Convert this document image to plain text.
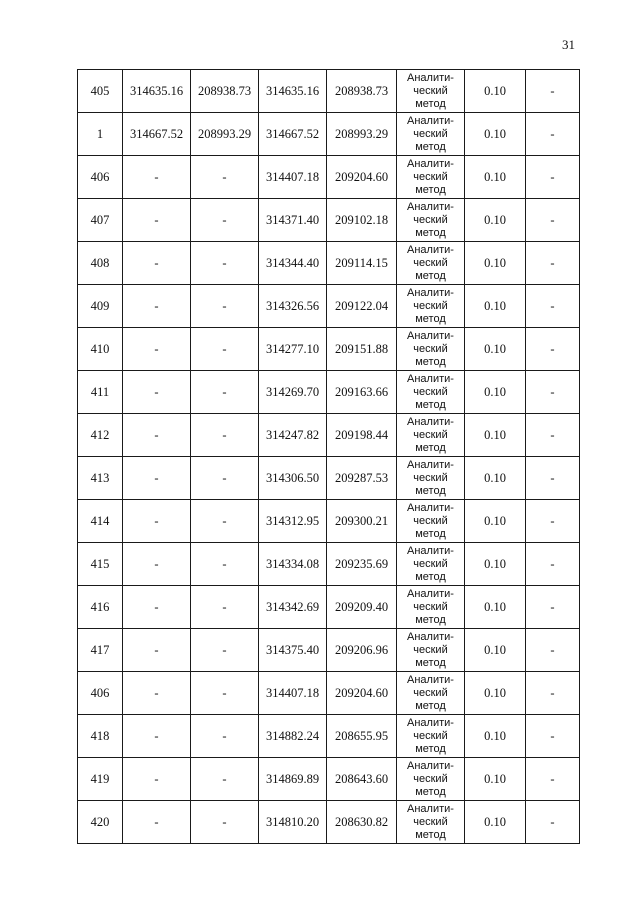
31
405	314635.16	208938.73	314635.16	208938.73	Аналити-
ческий
метод	0.10	-
1	314667.52	208993.29	314667.52	208993.29	Аналити-
ческий
метод	0.10	-
406	-	-	314407.18	209204.60	Аналити-
ческий
метод	0.10	-
407	-	-	314371.40	209102.18	Аналити-
ческий
метод	0.10	-
408	-	-	314344.40	209114.15	Аналити-
ческий
метод	0.10	-
409	-	-	314326.56	209122.04	Аналити-
ческий
метод	0.10	-
410	-	-	314277.10	209151.88	Аналити-
ческий
метод	0.10	-
411	-	-	314269.70	209163.66	Аналити-
ческий
метод	0.10	-
412	-	-	314247.82	209198.44	Аналити-
ческий
метод	0.10	-
413	-	-	314306.50	209287.53	Аналити-
ческий
метод	0.10	-
414	-	-	314312.95	209300.21	Аналити-
ческий
метод	0.10	-
415	-	-	314334.08	209235.69	Аналити-
ческий
метод	0.10	-
416	-	-	314342.69	209209.40	Аналити-
ческий
метод	0.10	-
417	-	-	314375.40	209206.96	Аналити-
ческий
метод	0.10	-
406	-	-	314407.18	209204.60	Аналити-
ческий
метод	0.10	-
418	-	-	314882.24	208655.95	Аналити-
ческий
метод	0.10	-
419	-	-	314869.89	208643.60	Аналити-
ческий
метод	0.10	-
420	-	-	314810.20	208630.82	Аналити-
ческий
метод	0.10	-
